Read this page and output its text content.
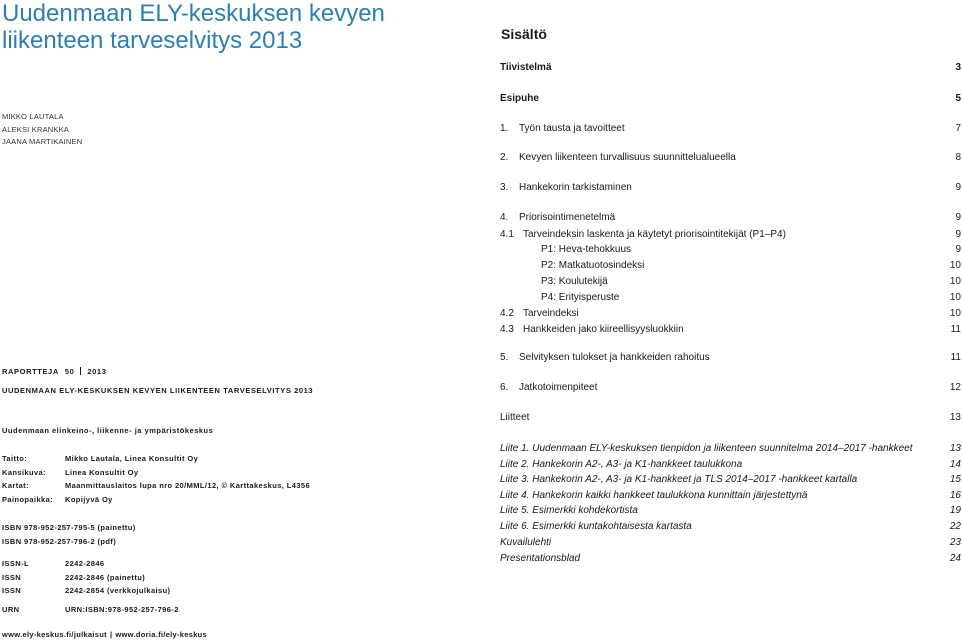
Uudenmaan ELY-keskuksen kevyen
liikenteen tarveselvitys 2013
MIKKO LAUTALA
ALEKSI KRANKKA
JAANA MARTIKAINEN
RAPORTTEJA 50 2013
UUDENMAAN ELY-KESKUKSEN KEVYEN LIIKENTEEN TARVESELVITYS 2013
Uudenmaan elinkeino-, liikenne- ja ympäristökeskus
Taitto:	Mikko Lautala, Linea Konsultit Oy
Kansikuva:	Linea Konsultit Oy
Kartat:	Maanmittauslaitos lupa nro 20/MML/12, © Karttakeskus, L4356
Painopaikka:	Kopijyvä Oy
ISBN 978-952-257-795-5 (painettu)
ISBN 978-952-257-796-2 (pdf)
ISSN-L	2242-2846
ISSN	2242-2846 (painettu)
ISSN	2242-2854 (verkkojulkaisu)
URN	URN:ISBN:978-952-257-796-2
www.ely-keskus.fi/julkaisut | www.doria.fi/ely-keskus
Sisältö
Tiivistelmä	3
Esipuhe	5
1. Työn tausta ja tavoitteet	7
2. Kevyen liikenteen turvallisuus suunnittelualueella	8
3. Hankekorin tarkistaminen	9
4. Priorisointimenetelmä	9
4.1 Tarveindeksin laskenta ja käytetyt priorisointitekijät (P1–P4)	9
P1: Heva-tehokkuus	9
P2: Matkatuotosindeksi	10
P3: Koulutekijä	10
P4: Erityisperuste	10
4.2 Tarveindeksi	10
4.3 Hankkeiden jako kiireellisyysluokkiin	11
5. Selvityksen tulokset ja hankkeiden rahoitus	11
6. Jatkotoimenpiteet	12
Liitteet	13
Liite 1. Uudenmaan ELY-keskuksen tienpidon ja liikenteen suunnitelma 2014–2017 -hankkeet	13
Liite 2. Hankekorin A2-, A3- ja K1-hankkeet taulukkona	14
Liite 3. Hankekorin A2-, A3- ja K1-hankkeet ja TLS 2014–2017 -hankkeet kartalla	15
Liite 4. Hankekorin kaikki hankkeet taulukkona kunnittain järjestettynä	16
Liite 5. Esimerkki kohdekortista	19
Liite 6. Esimerkki kuntakohtaisesta kartasta	22
Kuvailulehti	23
Presentationsblad	24
